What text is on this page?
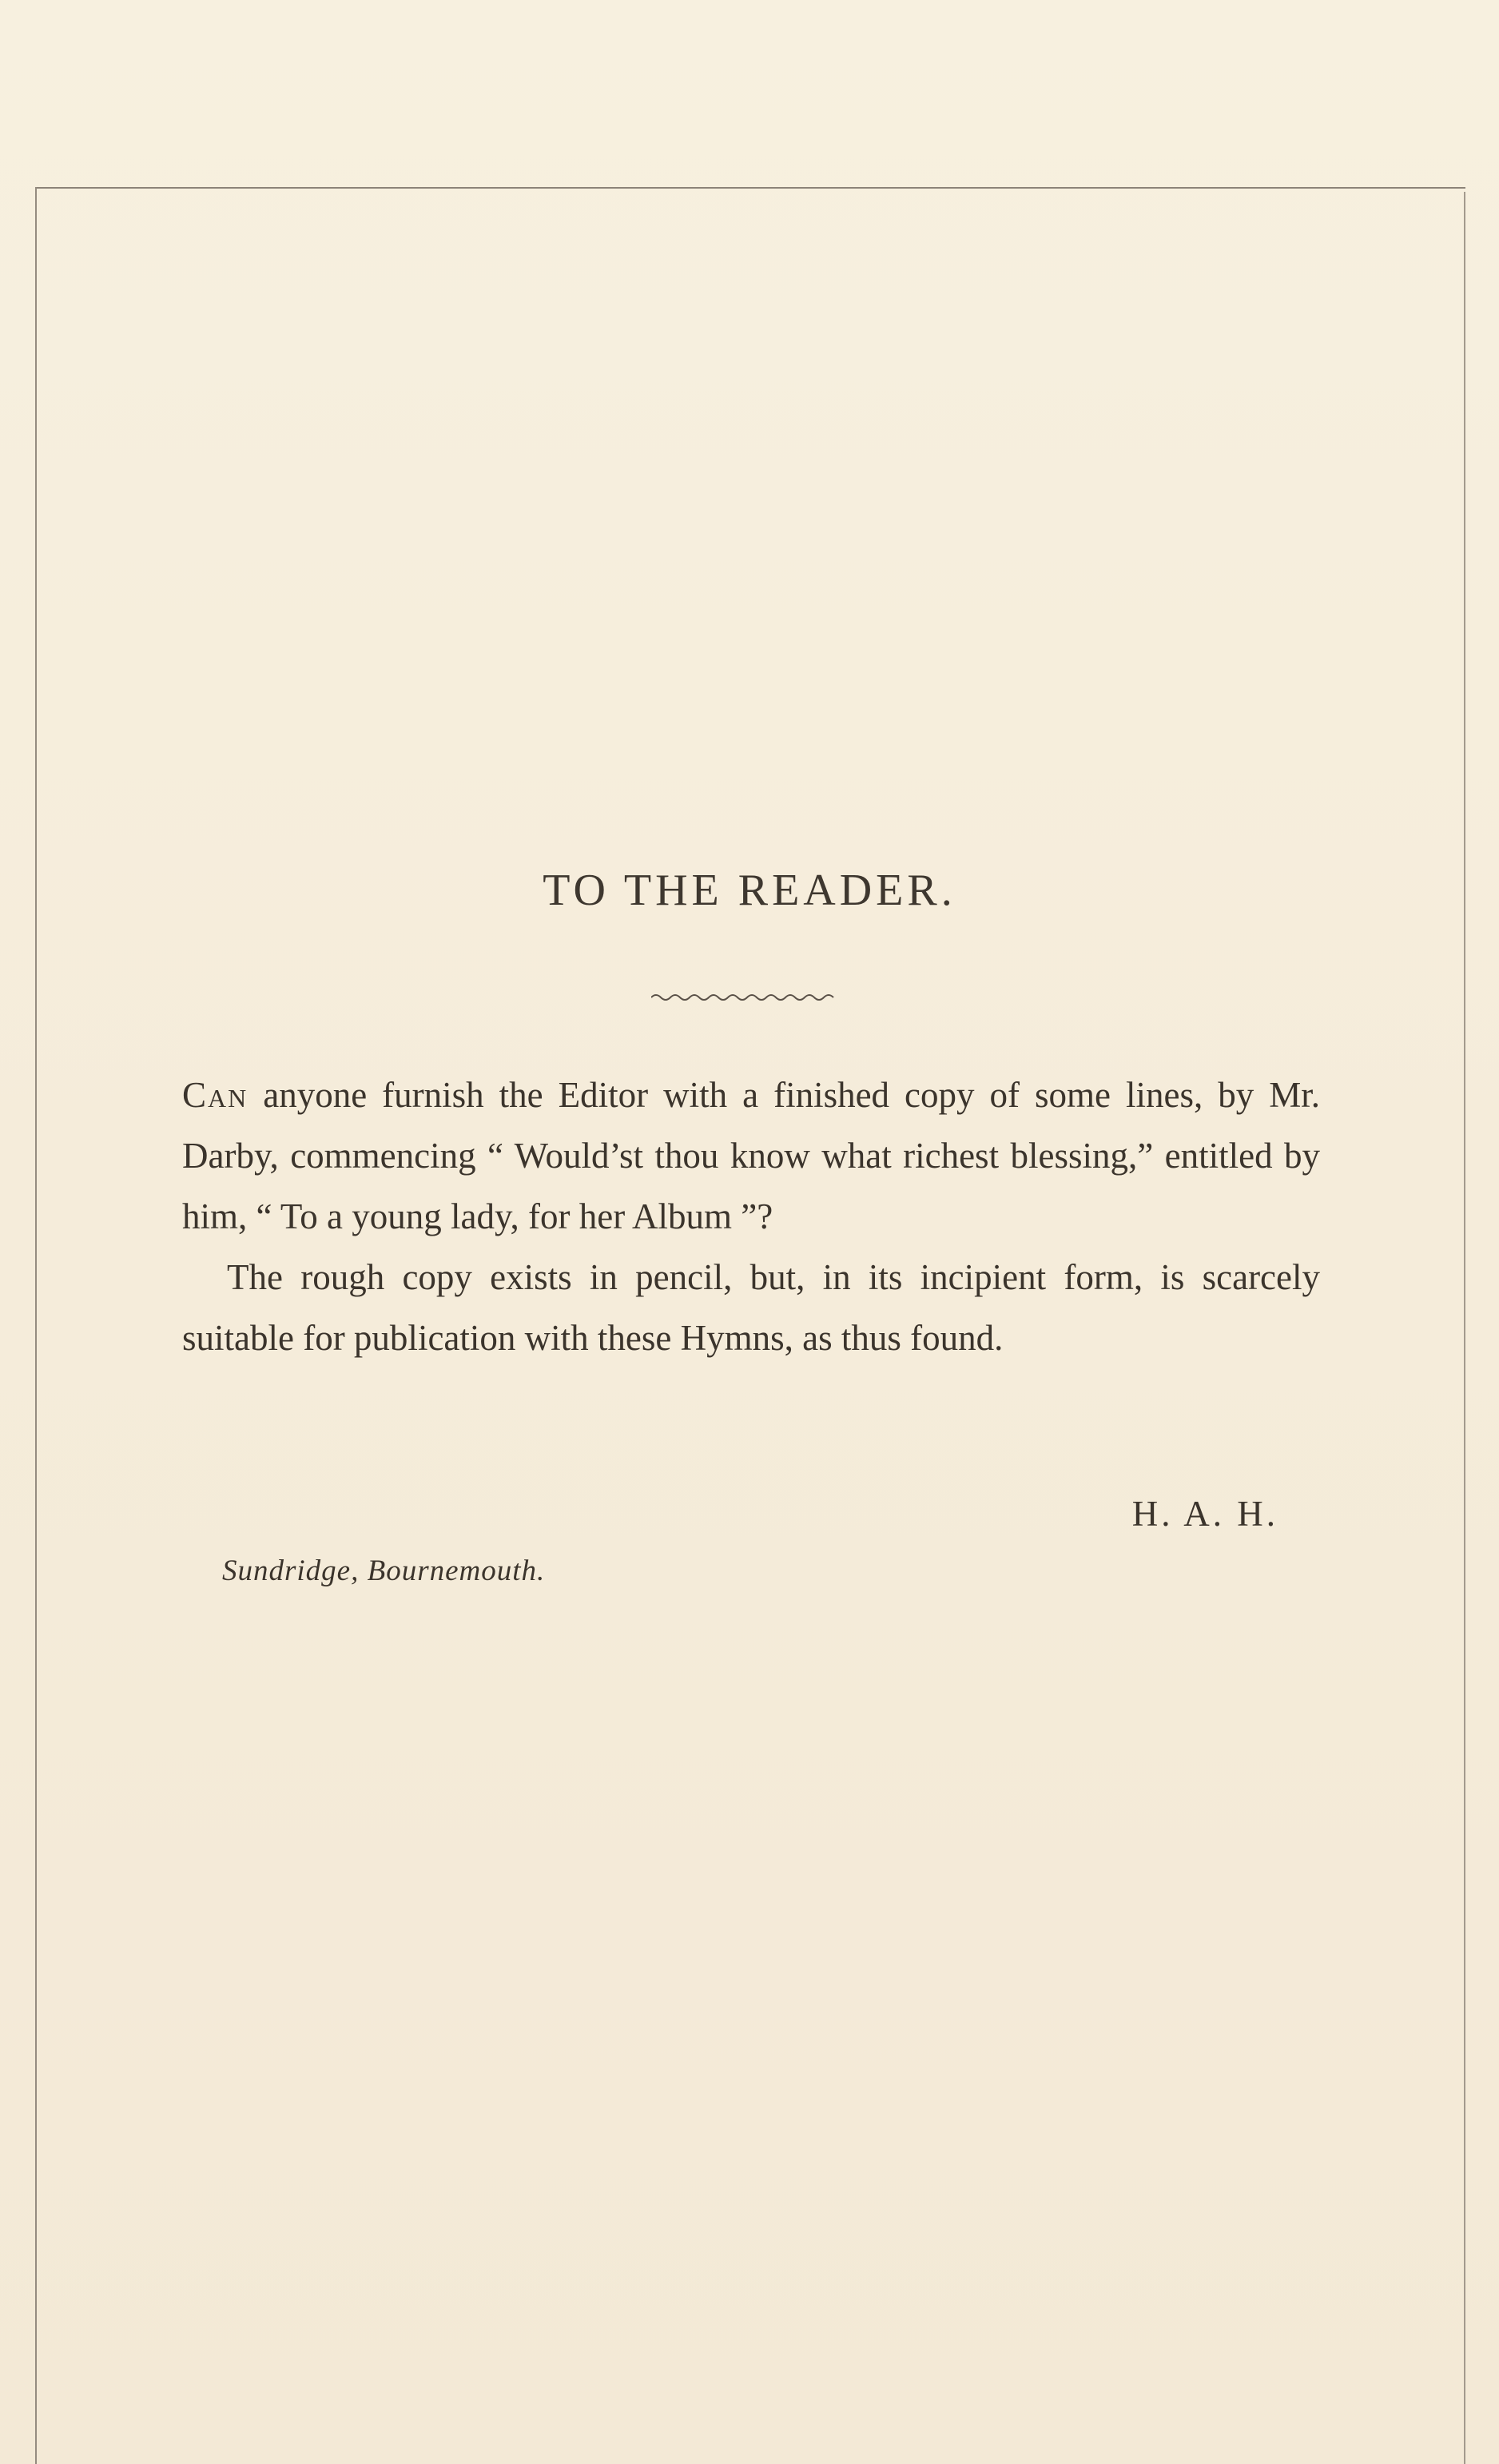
TO THE READER.

Can anyone furnish the Editor with a finished copy of some lines, by Mr. Darby, commencing “ Would’st thou know what richest blessing,” entitled by him, “ To a young lady, for her Album ”?

The rough copy exists in pencil, but, in its incipient form, is scarcely suitable for publication with these Hymns, as thus found.

H. A. H.
Sundridge, Bournemouth.
